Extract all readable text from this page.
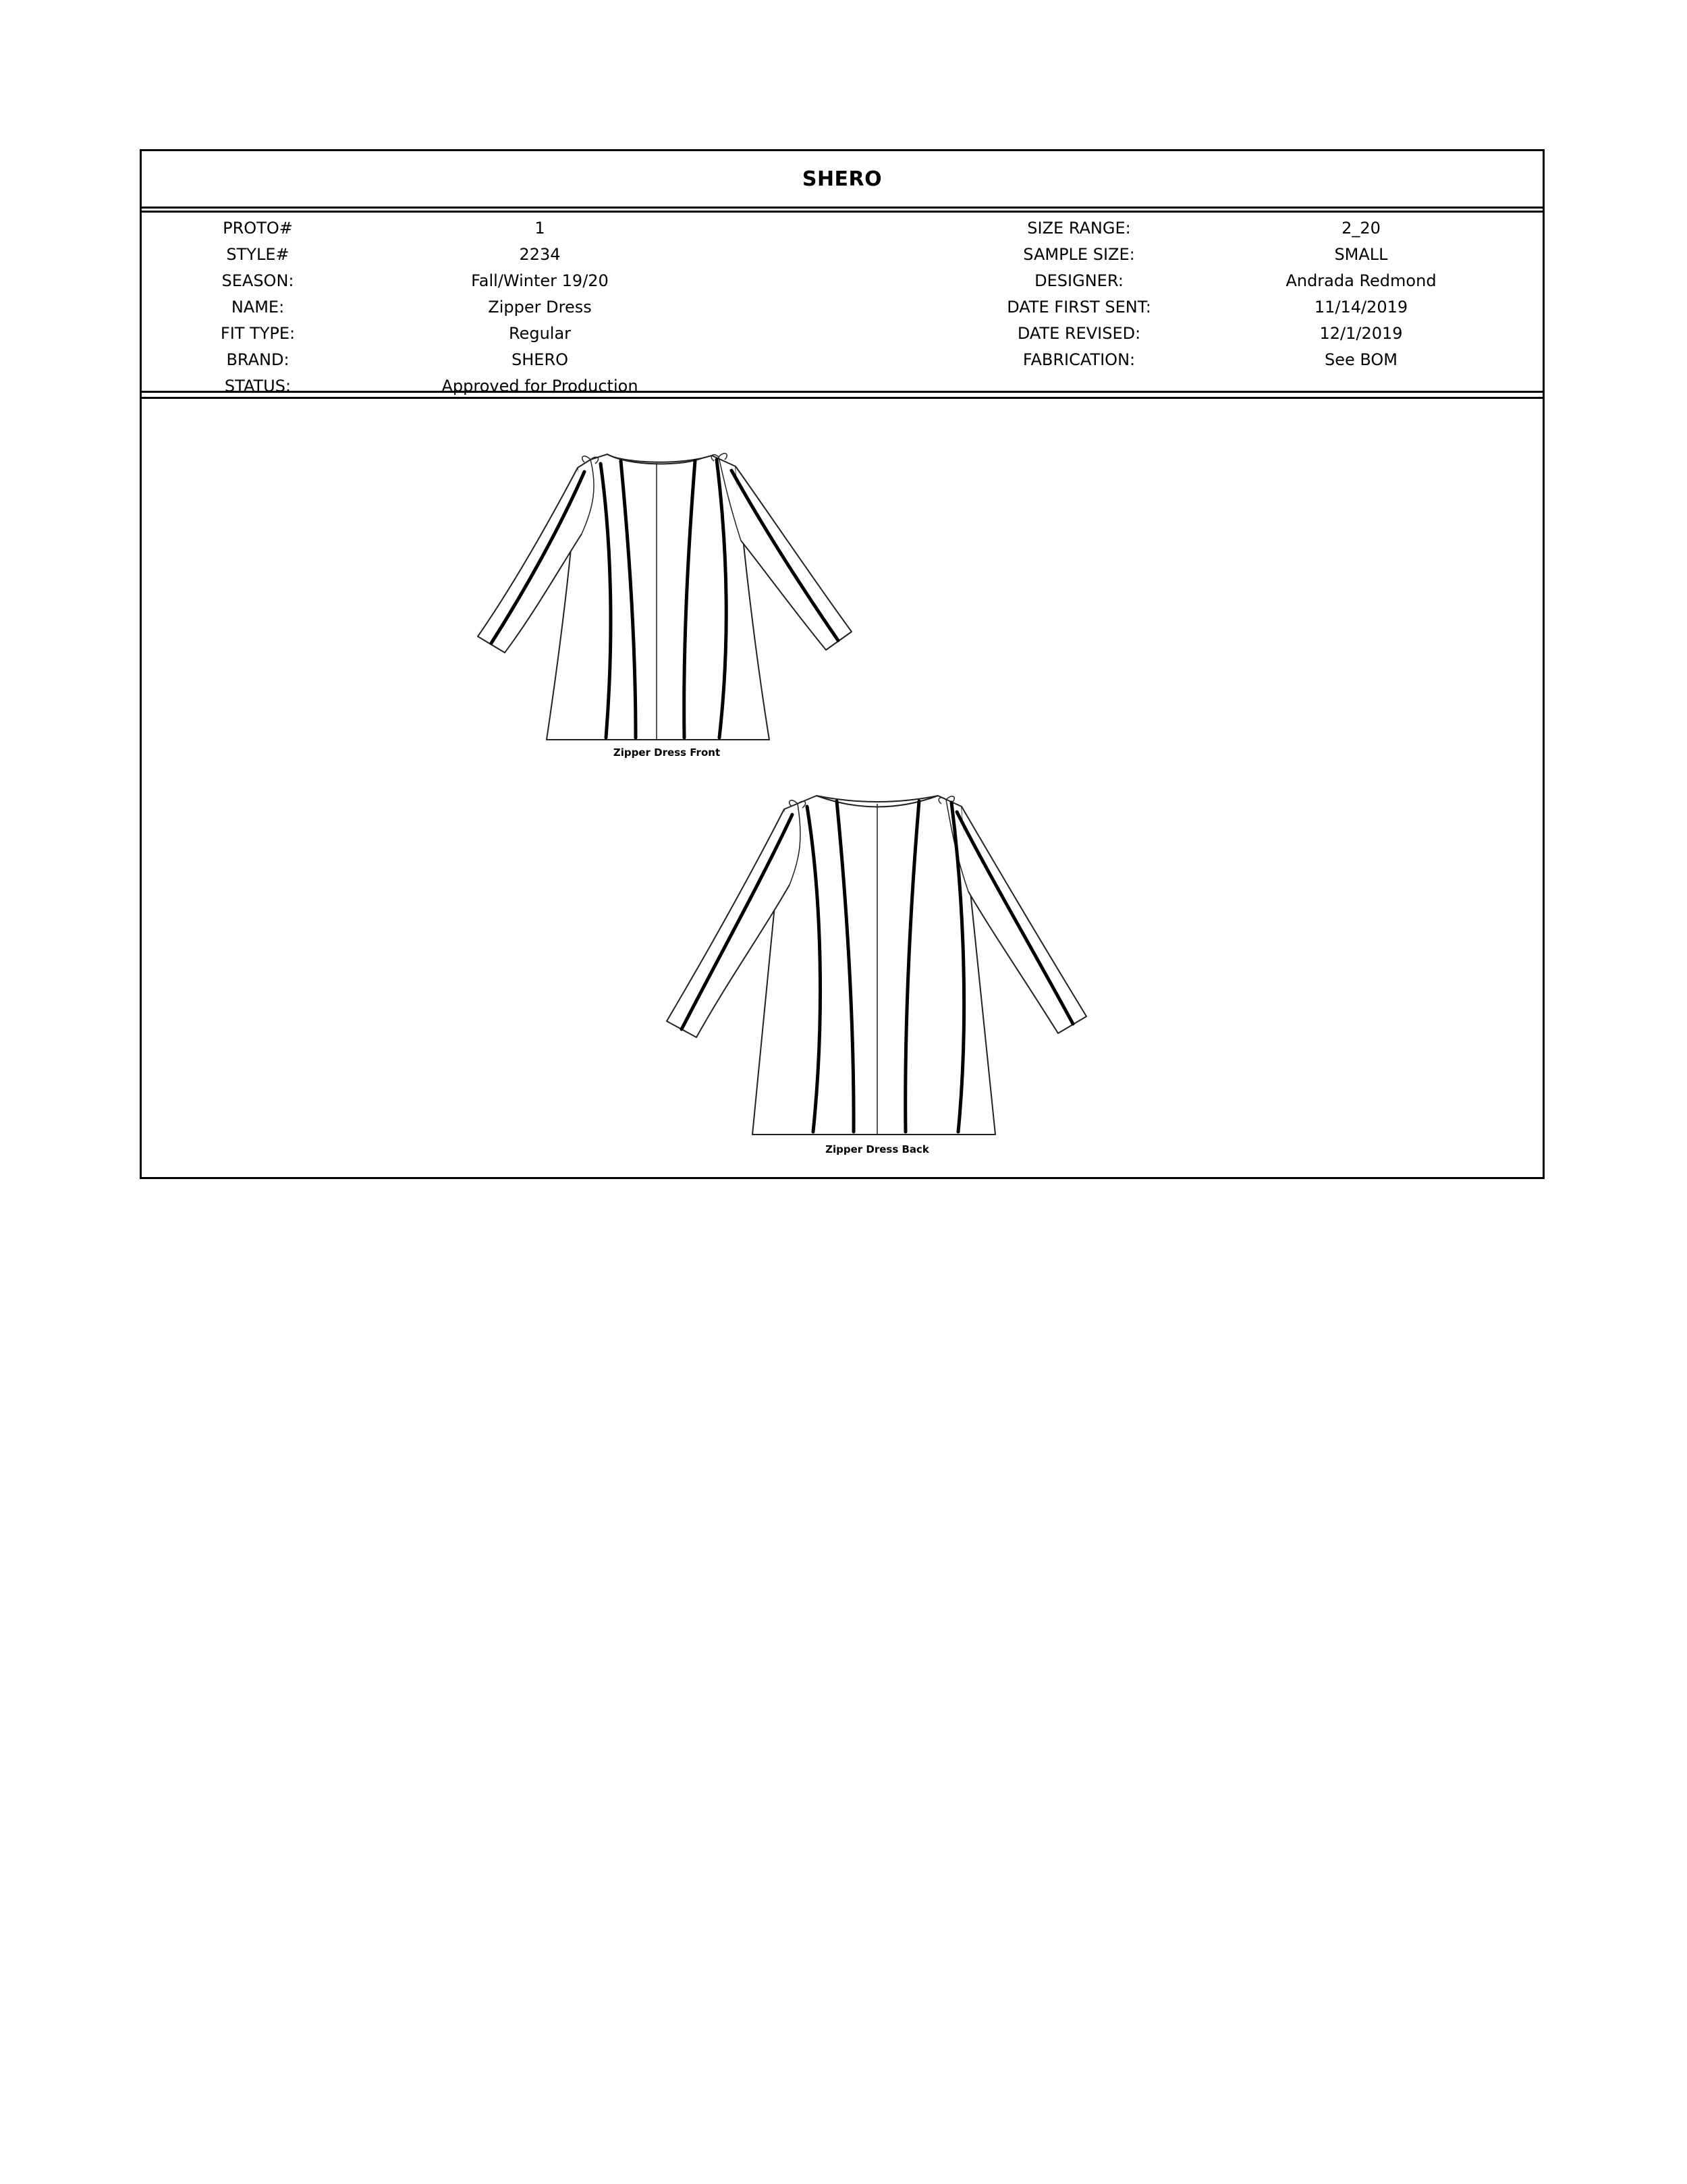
SHERO
PROTO#	1	SIZE RANGE:	2_20
STYLE#	2234	SAMPLE SIZE:	SMALL
SEASON:	Fall/Winter 19/20	DESIGNER:	Andrada Redmond
NAME:	Zipper Dress	DATE FIRST SENT:	11/14/2019
FIT TYPE:	Regular	DATE REVISED:	12/1/2019
BRAND:	SHERO	FABRICATION:	See BOM
STATUS:	Approved for Production
Zipper Dress Front
Zipper Dress Back
